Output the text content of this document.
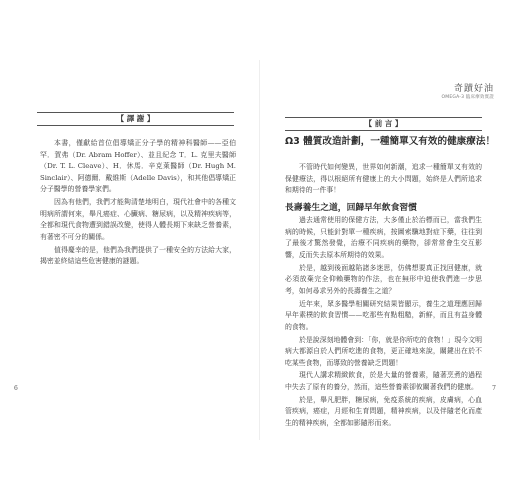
【 譯 謝 】

本書，僅獻給首位倡導矯正分子學的精神科醫師——亞伯罕．賀弗（Dr. Abram Hoffer）、並且紀念 T．L. 克里夫醫師（Dr. T. L. Cleave）、H．休馬．辛克萊醫師（Dr. Hugh M. Sinclair）、阿德爾．戴維斯（Adelle Davis），和其他倡導矯正分子醫學的營養學家們。

因為有他們，我們才能夠清楚地明白，現代社會中的各種文明病所謂何來，舉凡癌症、心臟病、糖尿病，以及精神疾病等，全都和現代食物遭到錯誤改變，使得人體長期下來缺乏營養素，有著密不可分的關係。

值得慶幸的是，他們為我們提供了一種安全的方法給大家，揭密並終結這些危害健康的謎題。

6
奇蹟好油
OMEGA-3 臨床療效實證
【 前 言 】
Ω3 體質改造計劃，一種簡單又有效的健康療法！

不管時代如何變異，世界如何新潮，追求一種簡單又有效的保健療法，得以根絕所有健康上的大小問題，始終是人們所追求和期待的一件事！

長壽養生之道，回歸早年飲食習慣

過去通常使用的保健方法，大多僅止於治標而已，當我們生病的時候，只能針對單一種疾病，按圖索驥地對症下藥，往往到了最後才驚然發覺，治療不同疾病的藥物，卻常常會生交互影響，反而失去原本所期待的效果。

於是，越到後面越陷諸多迷思，仿佛想要真正找回健康，就必須放棄完全仰賴藥物的作法，也在無形中迫使我們進一步思考，如何尋求另外的長壽養生之道？

近年來，眾多醫學相關研究結果皆顯示，養生之道理應回歸早年素樸的飲食習慣——吃那些有點粗糙，新鮮，而且有益身體的食物。

於是說深刻地體會到：「你，就是你所吃的食物！」現今文明病大都源自於人們所吃進的食物，更正確地來說，關鍵出在於不吃某些食物，而導致的營養缺乏問題！

現代人講求精緻飲食，於是大量的營養素，隨著烹煮的過程中失去了原有的養分，然而，這些營養素卻攸關著我們的健康。

於是，舉凡肥胖，糖尿病，免疫系統的疾病，皮膚病，心血管疾病，癌症，月經和生育問題，精神疾病，以及伴隨老化而產生的精神疾病，全都如影隨形而來。

7
